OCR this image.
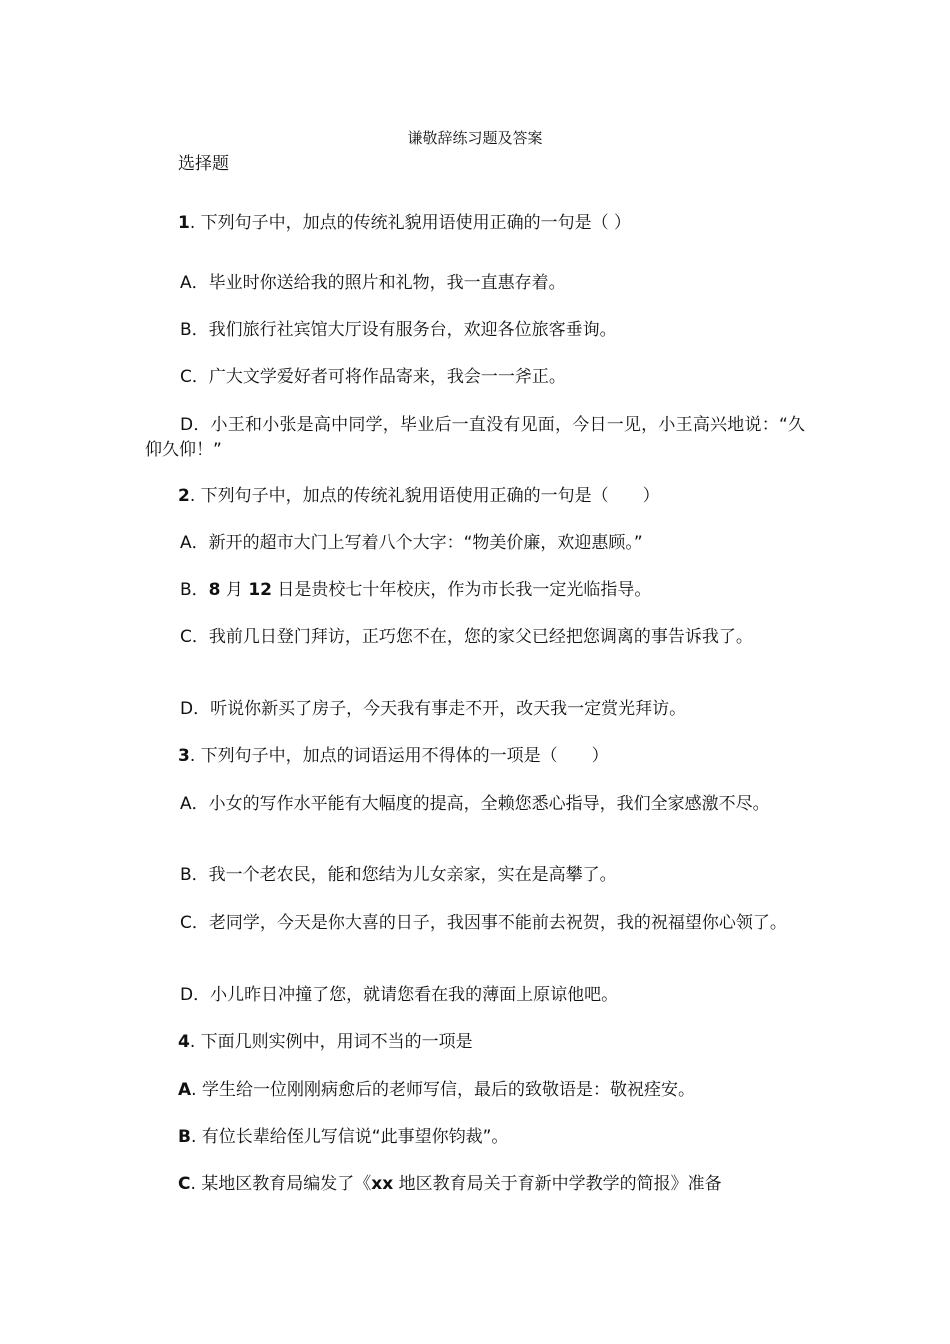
谦敬辞练习题及答案
选择题
1. 下列句子中，加点的传统礼貌用语使用正确的一句是（ ）
A．毕业时你送给我的照片和礼物，我一直惠存着。
B．我们旅行社宾馆大厅设有服务台，欢迎各位旅客垂询。
C．广大文学爱好者可将作品寄来，我会一一斧正。
D．小王和小张是高中同学，毕业后一直没有见面，今日一见，小王高兴地说：“久仰久仰！”
2. 下列句子中，加点的传统礼貌用语使用正确的一句是（　　）
A．新开的超市大门上写着八个大字：“物美价廉，欢迎惠顾。”
B．8 月 12 日是贵校七十年校庆，作为市长我一定光临指导。
C．我前几日登门拜访，正巧您不在，您的家父已经把您调离的事告诉我了。
D．听说你新买了房子，今天我有事走不开，改天我一定赏光拜访。
3. 下列句子中，加点的词语运用不得体的一项是（　　）
A．小女的写作水平能有大幅度的提高，全赖您悉心指导，我们全家感激不尽。
B．我一个老农民，能和您结为儿女亲家，实在是高攀了。
C．老同学，今天是你大喜的日子，我因事不能前去祝贺，我的祝福望你心领了。
D．小儿昨日冲撞了您，就请您看在我的薄面上原谅他吧。
4. 下面几则实例中，用词不当的一项是
A. 学生给一位刚刚病愈后的老师写信，最后的致敬语是：敬祝痊安。
B. 有位长辈给侄儿写信说“此事望你钧裁”。
C. 某地区教育局编发了《xx 地区教育局关于育新中学教学的简报》准备
